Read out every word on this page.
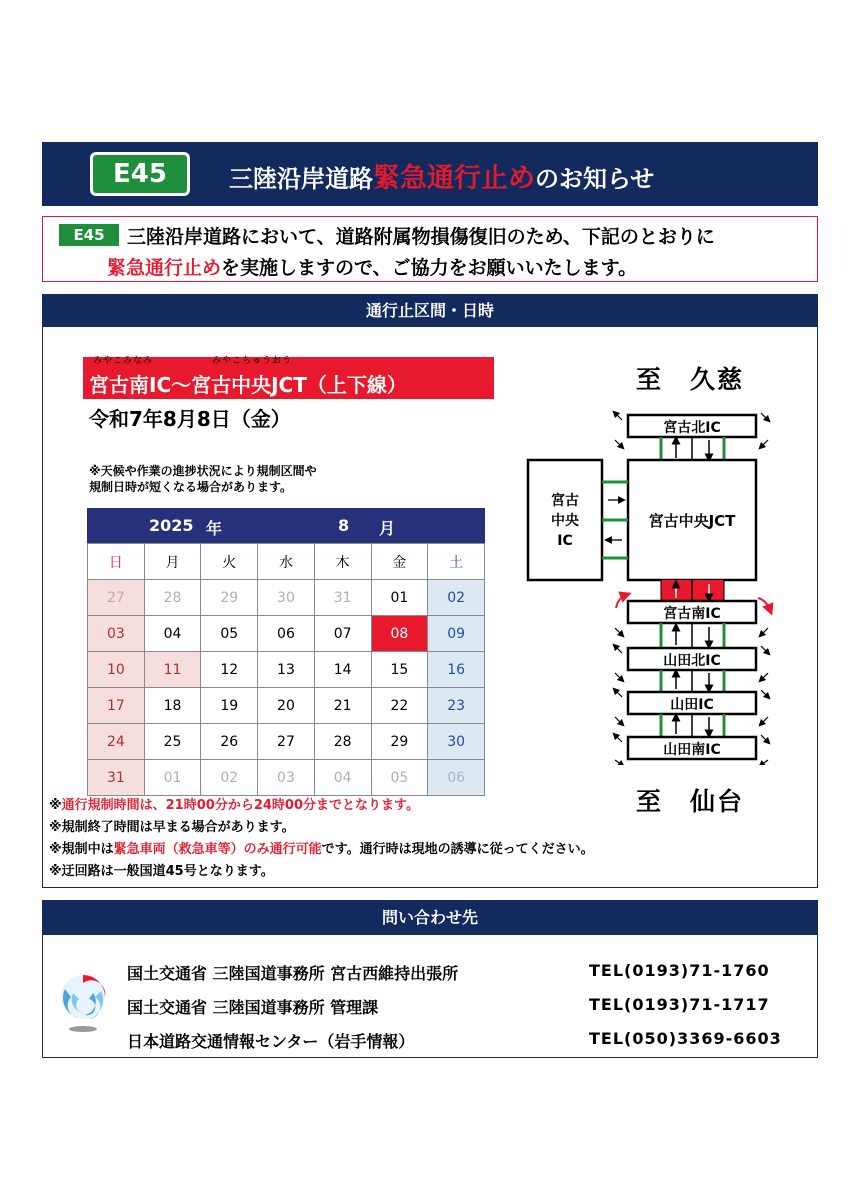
E45	三陸沿岸道路緊急通行止めのお知らせ
E45	三陸沿岸道路において、道路附属物損傷復旧のため、下記のとおりに
緊急通行止めを実施しますので、ご協力をお願いいたします。
通行止区間・日時
みやこみなみ	みやこちゅうおう
宮古南IC～宮古中央JCT（上下線）
令和7年8月8日（金）
※天候や作業の進捗状況により規制区間や
規制日時が短くなる場合があります。
2025 年	8 月
日	月	火	水	木	金	土
27	28	29	30	31	01	02
03	04	05	06	07	08	09
10	11	12	13	14	15	16
17	18	19	20	21	22	23
24	25	26	27	28	29	30
31	01	02	03	04	05	06
※通行規制時間は、21時00分から24時00分までとなります。
※規制終了時間は早まる場合があります。
※規制中は緊急車両（救急車等）のみ通行可能です。通行時は現地の誘導に従ってください。
※迂回路は一般国道45号となります。
至　久慈
至　仙台
宮古北IC
宮古中央JCT
宮古
中央
IC
宮古南IC
山田北IC
山田IC
山田南IC
問い合わせ先
国土交通省 三陸国道事務所 宮古西維持出張所	TEL(0193)71-1760
国土交通省 三陸国道事務所 管理課	TEL(0193)71-1717
日本道路交通情報センター（岩手情報）	TEL(050)3369-6603
